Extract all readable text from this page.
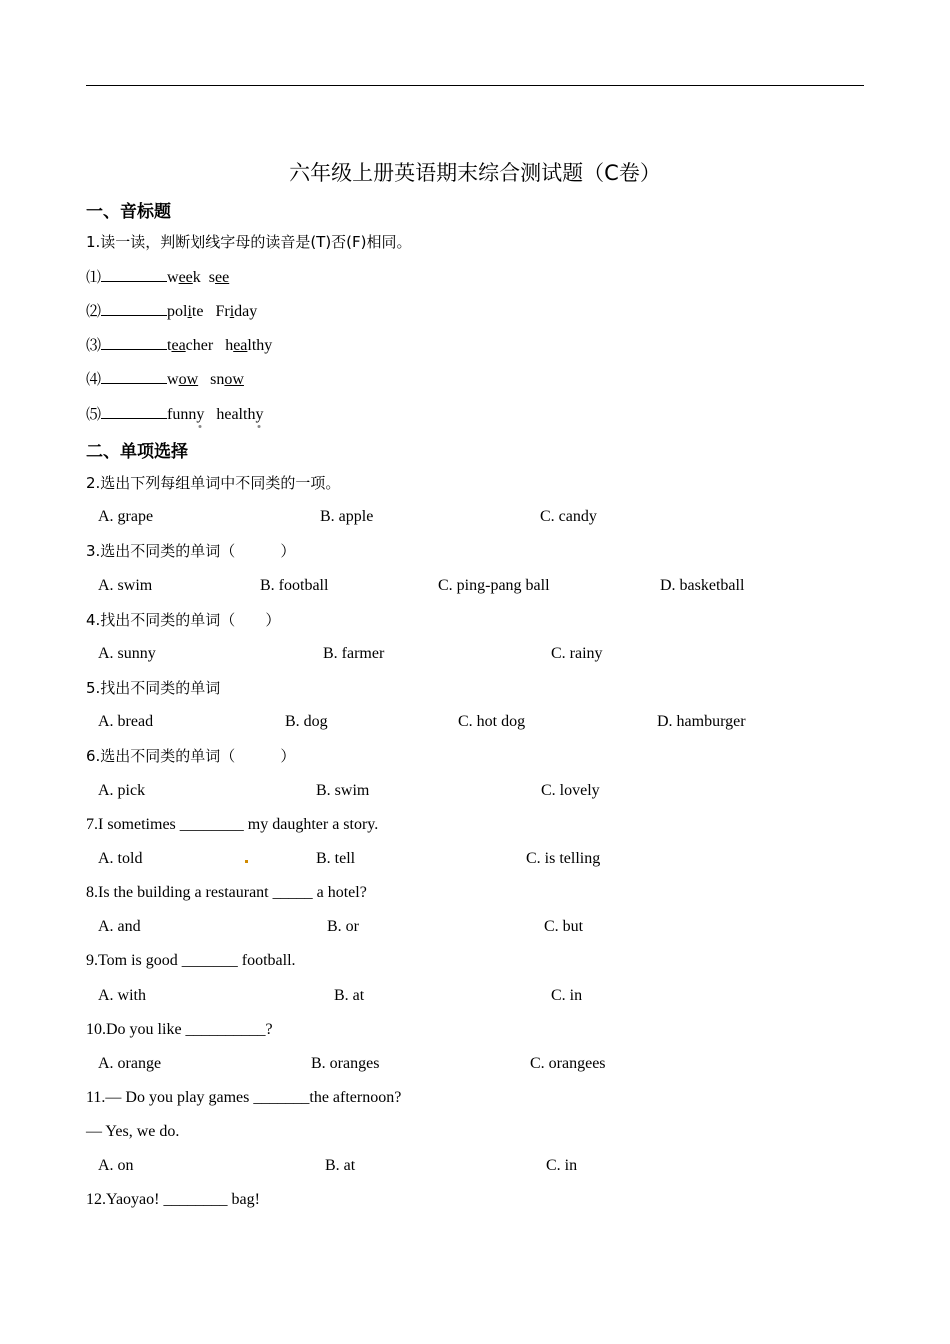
六年级上册英语期末综合测试题（C卷）
一、音标题
1.读一读，判断划线字母的读音是(T)否(F)相同。
⑴	week see
⑵	polite Friday
⑶	teacher healthy
⑷	wow snow
⑸	funny healthy
二、单项选择
2.选出下列每组单词中不同类的一项。
A. grape	B. apple	C. candy
3.选出不同类的单词（　　　）
A. swim	B. football	C. ping-pang ball	D. basketball
4.找出不同类的单词（　　）
A. sunny	B. farmer	C. rainy
5.找出不同类的单词
A. bread	B. dog	C. hot dog	D. hamburger
6.选出不同类的单词（　　　）
A. pick	B. swim	C. lovely
7.I sometimes ________ my daughter a story.
A. told	B. tell	C. is telling
8.Is the building a restaurant _____ a hotel?
A. and	B. or	C. but
9.Tom is good _______ football.
A. with	B. at	C. in
10.Do you like __________?
A. orange	B. oranges	C. orangees
11.— Do you play games _______the afternoon?
— Yes, we do.
A. on	B. at	C. in
12.Yaoyao! ________ bag!
